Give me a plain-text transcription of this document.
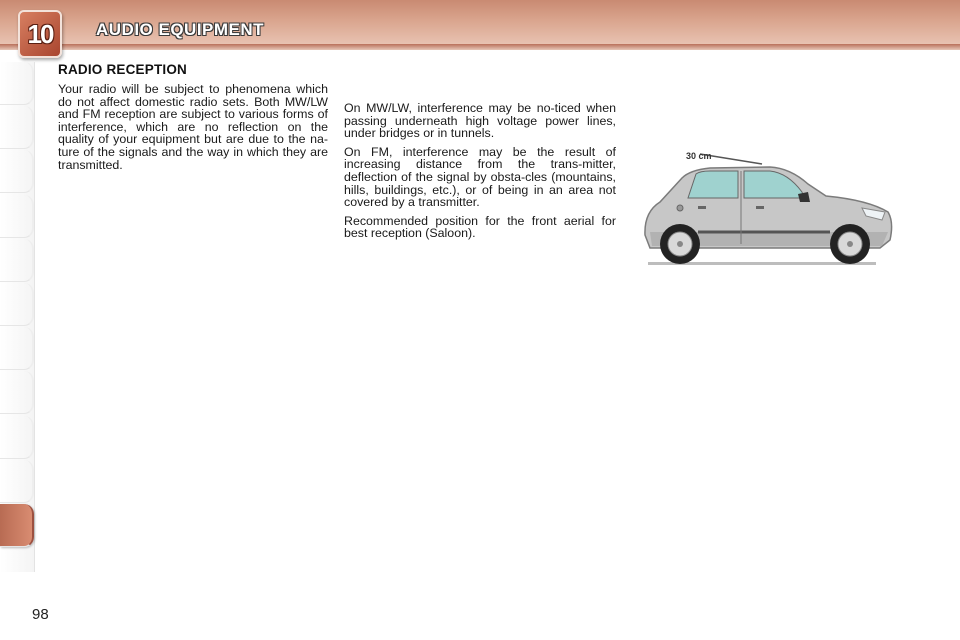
10	AUDIO EQUIPMENT
RADIO RECEPTION

Your radio will be subject to phenomena which do not affect domestic radio sets. Both MW/LW and FM reception are subject to various forms of interference, which are no reflection on the quality of your equipment but are due to the na-ture of the signals and the way in which they are transmitted.

On MW/LW, interference may be no-ticed when passing underneath high voltage power lines, under bridges or in tunnels.

On FM, interference may be the result of increasing distance from the trans-mitter, deflection of the signal by obsta-cles (mountains, hills, buildings, etc.), or of being in an area not covered by a transmitter.

Recommended position for the front aerial for best reception (Saloon).

30 cm
98
